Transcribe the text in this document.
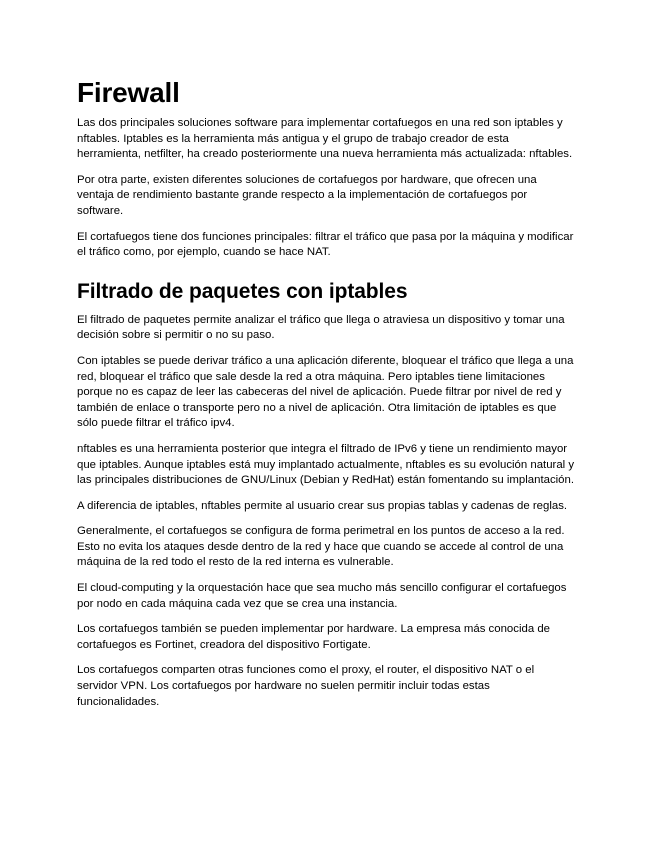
Firewall

Las dos principales soluciones software para implementar cortafuegos en una red son iptables y nftables. Iptables es la herramienta más antigua y el grupo de trabajo creador de esta herramienta, netfilter, ha creado posteriormente una nueva herramienta más actualizada: nftables.

Por otra parte, existen diferentes soluciones de cortafuegos por hardware, que ofrecen una ventaja de rendimiento bastante grande respecto a la implementación de cortafuegos por software.

El cortafuegos tiene dos funciones principales: filtrar el tráfico que pasa por la máquina y modificar el tráfico como, por ejemplo, cuando se hace NAT.

Filtrado de paquetes con iptables

El filtrado de paquetes permite analizar el tráfico que llega o atraviesa un dispositivo y tomar una decisión sobre si permitir o no su paso.

Con iptables se puede derivar tráfico a una aplicación diferente, bloquear el tráfico que llega a una red, bloquear el tráfico que sale desde la red a otra máquina. Pero iptables tiene limitaciones porque no es capaz de leer las cabeceras del nivel de aplicación. Puede filtrar por nivel de red y también de enlace o transporte pero no a nivel de aplicación. Otra limitación de iptables es que sólo puede filtrar el tráfico ipv4.

nftables es una herramienta posterior que integra el filtrado de IPv6 y tiene un rendimiento mayor que iptables. Aunque iptables está muy implantado actualmente, nftables es su evolución natural y las principales distribuciones de GNU/Linux (Debian y RedHat) están fomentando su implantación.

A diferencia de iptables, nftables permite al usuario crear sus propias tablas y cadenas de reglas.

Generalmente, el cortafuegos se configura de forma perimetral en los puntos de acceso a la red. Esto no evita los ataques desde dentro de la red y hace que cuando se accede al control de una máquina de la red todo el resto de la red interna es vulnerable.

El cloud-computing y la orquestación hace que sea mucho más sencillo configurar el cortafuegos por nodo en cada máquina cada vez que se crea una instancia.

Los cortafuegos también se pueden implementar por hardware. La empresa más conocida de cortafuegos es Fortinet, creadora del dispositivo Fortigate.

Los cortafuegos comparten otras funciones como el proxy, el router, el dispositivo NAT o el servidor VPN. Los cortafuegos por hardware no suelen permitir incluir todas estas funcionalidades.
